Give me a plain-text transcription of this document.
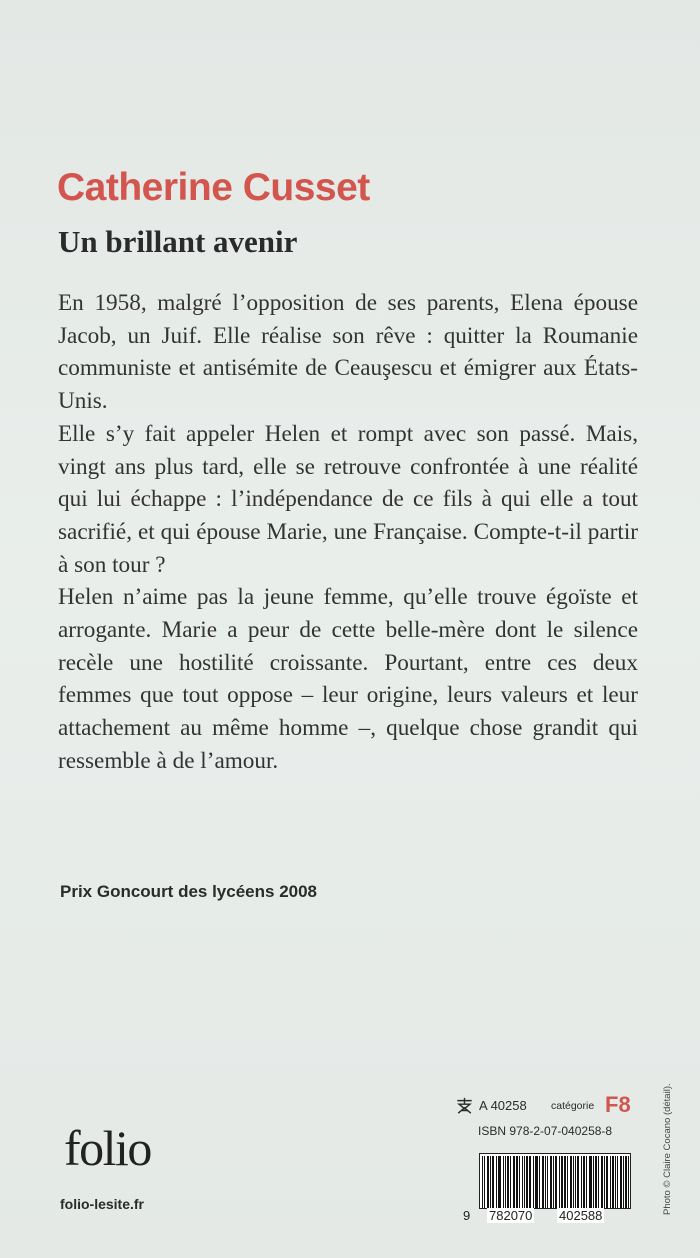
Catherine Cusset
Un brillant avenir

En 1958, malgré l’opposition de ses parents, Elena épouse Jacob, un Juif. Elle réalise son rêve : quitter la Roumanie communiste et antisémite de Ceauşescu et émigrer aux États-Unis.

Elle s’y fait appeler Helen et rompt avec son passé. Mais, vingt ans plus tard, elle se retrouve confrontée à une réalité qui lui échappe : l’indépendance de ce fils à qui elle a tout sacrifié, et qui épouse Marie, une Française. Compte-t-il partir à son tour ?

Helen n’aime pas la jeune femme, qu’elle trouve égoïste et arrogante. Marie a peur de cette belle-mère dont le silence recèle une hostilité croissante. Pourtant, entre ces deux femmes que tout oppose – leur origine, leurs valeurs et leur attachement au même homme –, quelque chose grandit qui ressemble à de l’amour.

Prix Goncourt des lycéens 2008
folio
folio-lesite.fr
A 40258 catégorie F8
ISBN 978-2-07-040258-8
9 782070 402588
Photo © Claire Cocano (détail).
